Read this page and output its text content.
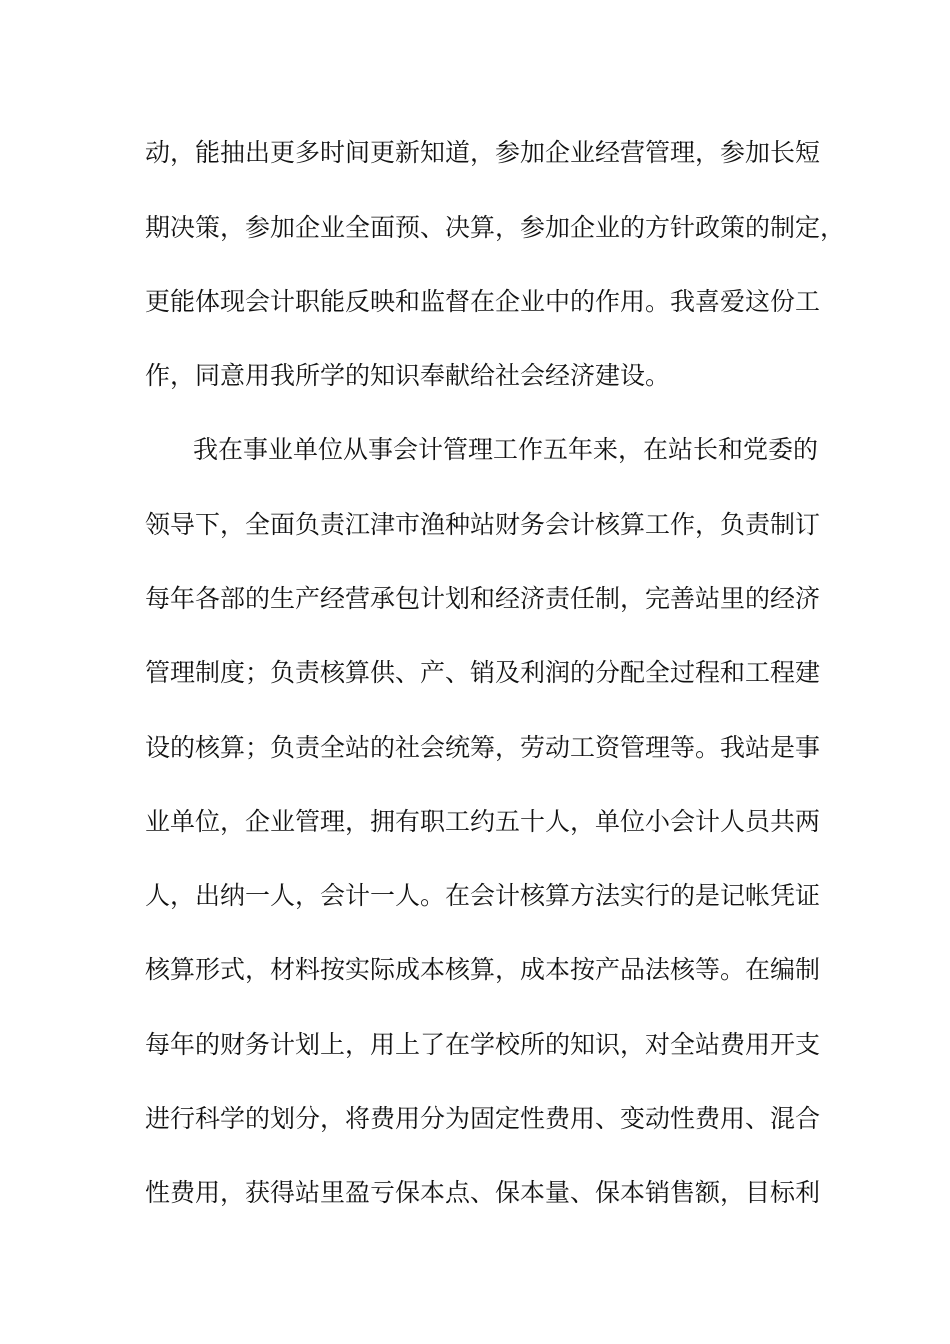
动，能抽出更多时间更新知道，参加企业经营管理，参加长短
期决策，参加企业全面预、决算，参加企业的方针政策的制定，
更能体现会计职能反映和监督在企业中的作用。我喜爱这份工
作，同意用我所学的知识奉献给社会经济建设。
我在事业单位从事会计管理工作五年来，在站长和党委的
领导下，全面负责江津市渔种站财务会计核算工作，负责制订
每年各部的生产经营承包计划和经济责任制，完善站里的经济
管理制度；负责核算供、产、销及利润的分配全过程和工程建
设的核算；负责全站的社会统筹，劳动工资管理等。我站是事
业单位，企业管理，拥有职工约五十人，单位小会计人员共两
人，出纳一人，会计一人。在会计核算方法实行的是记帐凭证
核算形式，材料按实际成本核算，成本按产品法核等。在编制
每年的财务计划上，用上了在学校所的知识，对全站费用开支
进行科学的划分，将费用分为固定性费用、变动性费用、混合
性费用，获得站里盈亏保本点、保本量、保本销售额，目标利
